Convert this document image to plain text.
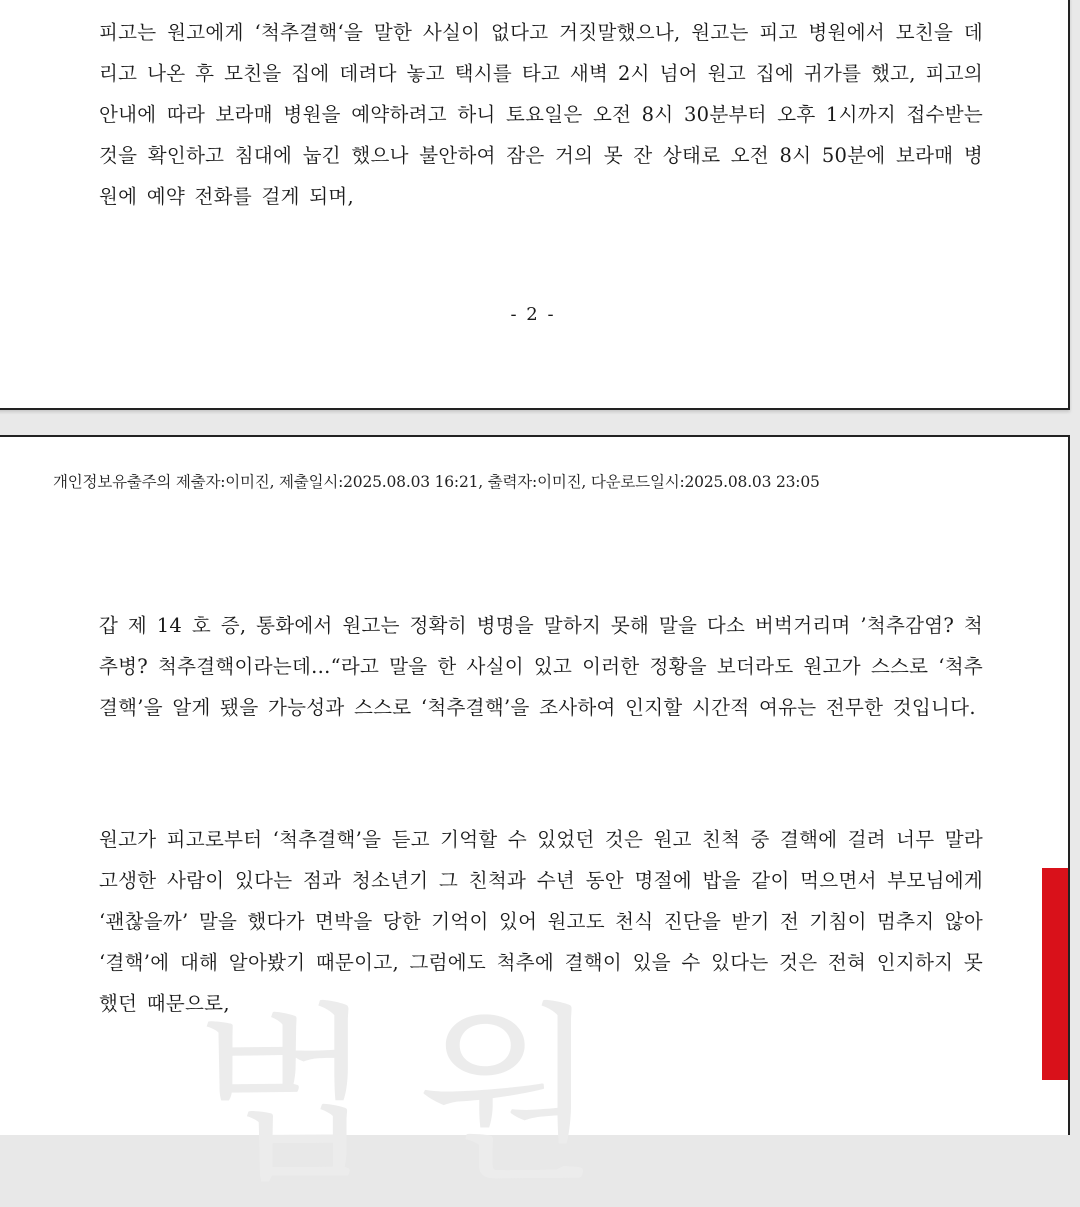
피고는 원고에게 ‘척추결핵‘을 말한 사실이 없다고 거짓말했으나, 원고는 피고 병원에서 모친을 데리고 나온 후 모친을 집에 데려다 놓고 택시를 타고 새벽 2시 넘어 원고 집에 귀가를 했고, 피고의 안내에 따라 보라매 병원을 예약하려고 하니 토요일은 오전 8시 30분부터 오후 1시까지 접수받는 것을 확인하고 침대에 눕긴 했으나 불안하여 잠은 거의 못 잔 상태로 오전 8시 50분에 보라매 병원에 예약 전화를 걸게 되며,

- 2 -
개인정보유출주의 제출자:이미진, 제출일시:2025.08.03 16:21, 출력자:이미진, 다운로드일시:2025.08.03 23:05

갑 제 14 호 증, 통화에서 원고는 정확히 병명을 말하지 못해 말을 다소 버벅거리며 ’척추감염? 척추병? 척추결핵이라는데...“라고 말을 한 사실이 있고 이러한 정황을 보더라도 원고가 스스로 ‘척추결핵’을 알게 됐을 가능성과 스스로 ‘척추결핵’을 조사하여 인지할 시간적 여유는 전무한 것입니다.

원고가 피고로부터 ‘척추결핵’을 듣고 기억할 수 있었던 것은 원고 친척 중 결핵에 걸려 너무 말라 고생한 사람이 있다는 점과 청소년기 그 친척과 수년 동안 명절에 밥을 같이 먹으면서 부모님에게 ‘괜찮을까’ 말을 했다가 면박을 당한 기억이 있어 원고도 천식 진단을 받기 전 기침이 멈추지 않아 ‘결핵’에 대해 알아봤기 때문이고, 그럼에도 척추에 결핵이 있을 수 있다는 것은 전혀 인지하지 못했던 때문으로,

법원
